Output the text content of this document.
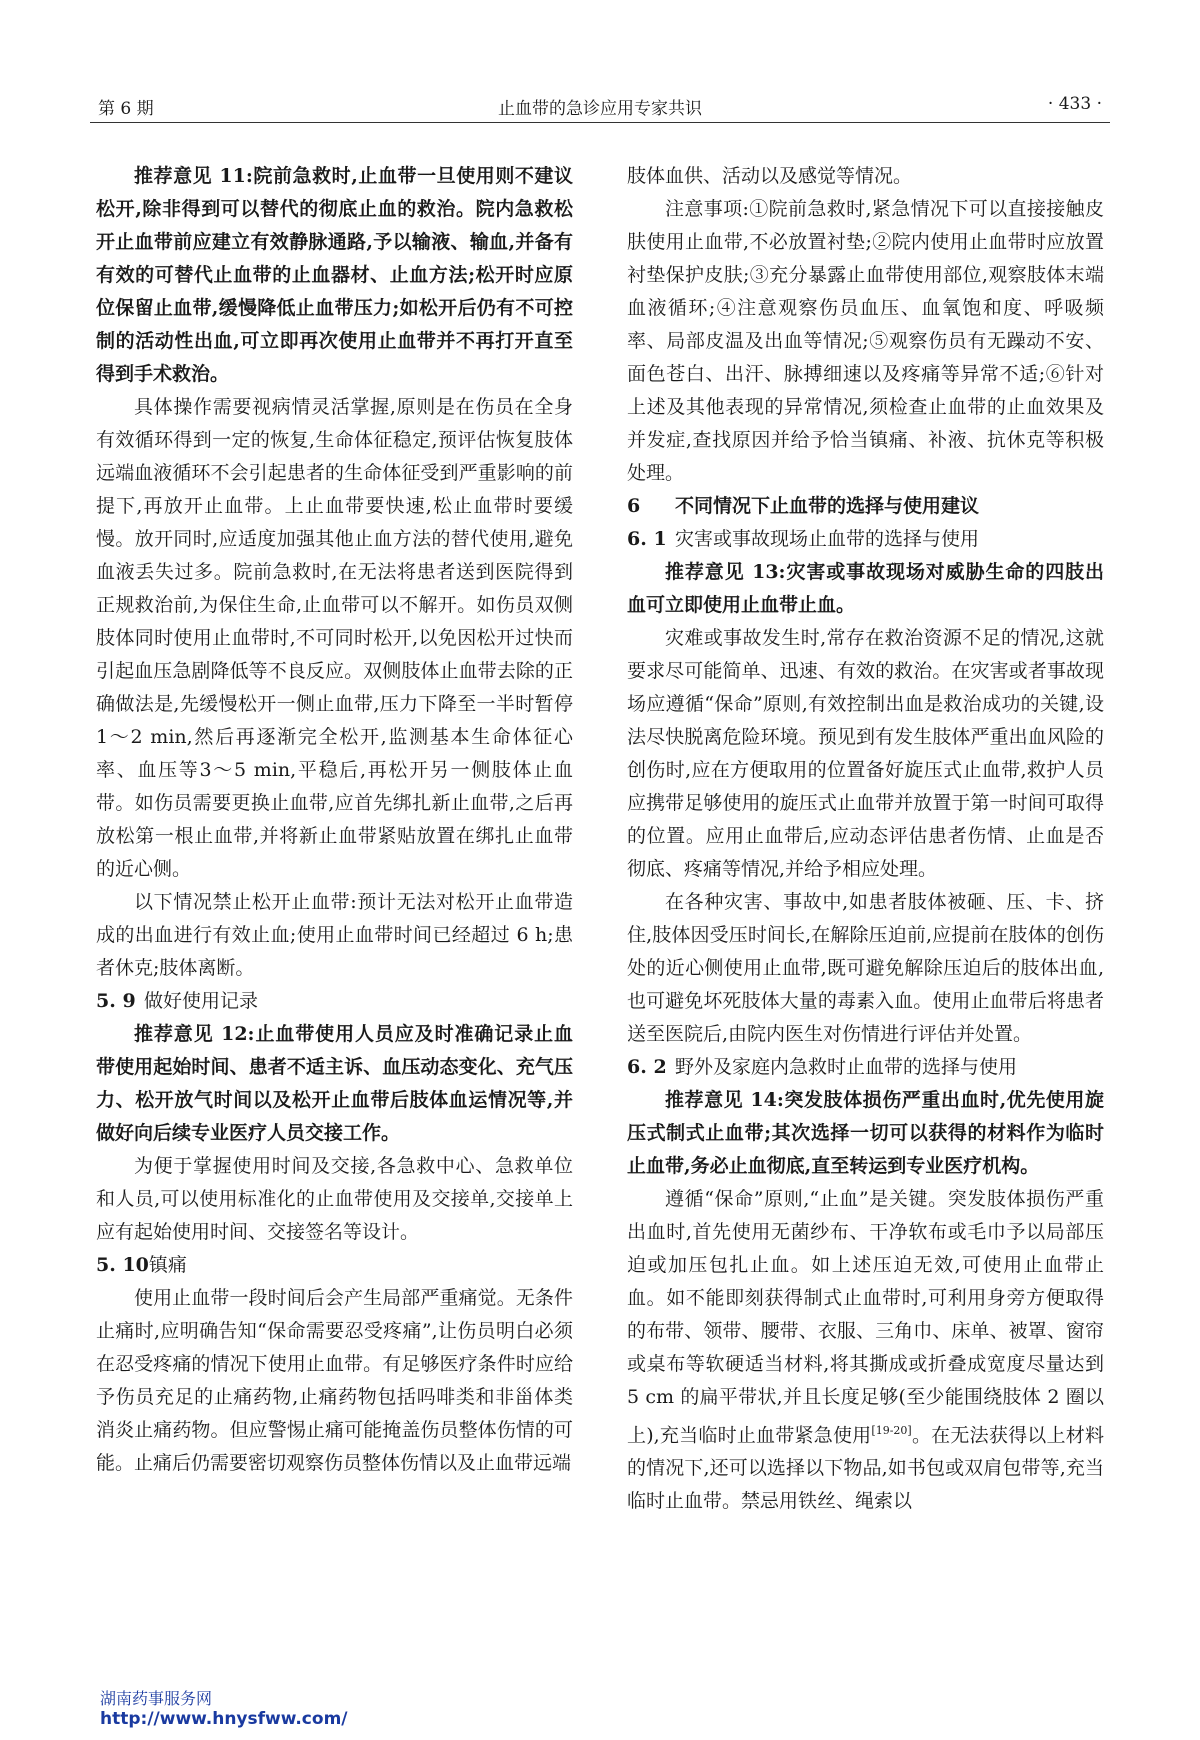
第 6 期	止血带的急诊应用专家共识	· 433 ·

推荐意见 11:院前急救时,止血带一旦使用则不建议松开,除非得到可以替代的彻底止血的救治。院内急救松开止血带前应建立有效静脉通路,予以输液、输血,并备有有效的可替代止血带的止血器材、止血方法;松开时应原位保留止血带,缓慢降低止血带压力;如松开后仍有不可控制的活动性出血,可立即再次使用止血带并不再打开直至得到手术救治。

具体操作需要视病情灵活掌握,原则是在伤员在全身有效循环得到一定的恢复,生命体征稳定,预评估恢复肢体远端血液循环不会引起患者的生命体征受到严重影响的前提下,再放开止血带。上止血带要快速,松止血带时要缓慢。放开同时,应适度加强其他止血方法的替代使用,避免血液丢失过多。院前急救时,在无法将患者送到医院得到正规救治前,为保住生命,止血带可以不解开。如伤员双侧肢体同时使用止血带时,不可同时松开,以免因松开过快而引起血压急剧降低等不良反应。双侧肢体止血带去除的正确做法是,先缓慢松开一侧止血带,压力下降至一半时暂停 1～2 min,然后再逐渐完全松开,监测基本生命体征心率、血压等3～5 min,平稳后,再松开另一侧肢体止血带。如伤员需要更换止血带,应首先绑扎新止血带,之后再放松第一根止血带,并将新止血带紧贴放置在绑扎止血带的近心侧。

以下情况禁止松开止血带:预计无法对松开止血带造成的出血进行有效止血;使用止血带时间已经超过 6 h;患者休克;肢体离断。

5. 9 做好使用记录

推荐意见 12:止血带使用人员应及时准确记录止血带使用起始时间、患者不适主诉、血压动态变化、充气压力、松开放气时间以及松开止血带后肢体血运情况等,并做好向后续专业医疗人员交接工作。

为便于掌握使用时间及交接,各急救中心、急救单位和人员,可以使用标准化的止血带使用及交接单,交接单上应有起始使用时间、交接签名等设计。

5. 10镇痛

使用止血带一段时间后会产生局部严重痛觉。无条件止痛时,应明确告知“保命需要忍受疼痛”,让伤员明白必须在忍受疼痛的情况下使用止血带。有足够医疗条件时应给予伤员充足的止痛药物,止痛药物包括吗啡类和非甾体类消炎止痛药物。但应警惕止痛可能掩盖伤员整体伤情的可能。止痛后仍需要密切观察伤员整体伤情以及止血带远端

肢体血供、活动以及感觉等情况。

注意事项:①院前急救时,紧急情况下可以直接接触皮肤使用止血带,不必放置衬垫;②院内使用止血带时应放置衬垫保护皮肤;③充分暴露止血带使用部位,观察肢体末端血液循环;④注意观察伤员血压、血氧饱和度、呼吸频率、局部皮温及出血等情况;⑤观察伤员有无躁动不安、面色苍白、出汗、脉搏细速以及疼痛等异常不适;⑥针对上述及其他表现的异常情况,须检查止血带的止血效果及并发症,查找原因并给予恰当镇痛、补液、抗休克等积极处理。

6 不同情况下止血带的选择与使用建议
6. 1 灾害或事故现场止血带的选择与使用

推荐意见 13:灾害或事故现场对威胁生命的四肢出血可立即使用止血带止血。

灾难或事故发生时,常存在救治资源不足的情况,这就要求尽可能简单、迅速、有效的救治。在灾害或者事故现场应遵循“保命”原则,有效控制出血是救治成功的关键,设法尽快脱离危险环境。预见到有发生肢体严重出血风险的创伤时,应在方便取用的位置备好旋压式止血带,救护人员应携带足够使用的旋压式止血带并放置于第一时间可取得的位置。应用止血带后,应动态评估患者伤情、止血是否彻底、疼痛等情况,并给予相应处理。

在各种灾害、事故中,如患者肢体被砸、压、卡、挤住,肢体因受压时间长,在解除压迫前,应提前在肢体的创伤处的近心侧使用止血带,既可避免解除压迫后的肢体出血,也可避免坏死肢体大量的毒素入血。使用止血带后将患者送至医院后,由院内医生对伤情进行评估并处置。

6. 2 野外及家庭内急救时止血带的选择与使用

推荐意见 14:突发肢体损伤严重出血时,优先使用旋压式制式止血带;其次选择一切可以获得的材料作为临时止血带,务必止血彻底,直至转运到专业医疗机构。

遵循“保命”原则,“止血”是关键。突发肢体损伤严重出血时,首先使用无菌纱布、干净软布或毛巾予以局部压迫或加压包扎止血。如上述压迫无效,可使用止血带止血。如不能即刻获得制式止血带时,可利用身旁方便取得的布带、领带、腰带、衣服、三角巾、床单、被罩、窗帘或桌布等软硬适当材料,将其撕成或折叠成宽度尽量达到 5 cm 的扁平带状,并且长度足够(至少能围绕肢体 2 圈以上),充当临时止血带紧急使用[19-20]。在无法获得以上材料的情况下,还可以选择以下物品,如书包或双肩包带等,充当临时止血带。禁忌用铁丝、绳索以

湖南药事服务网
http://www.hnysfww.com/
